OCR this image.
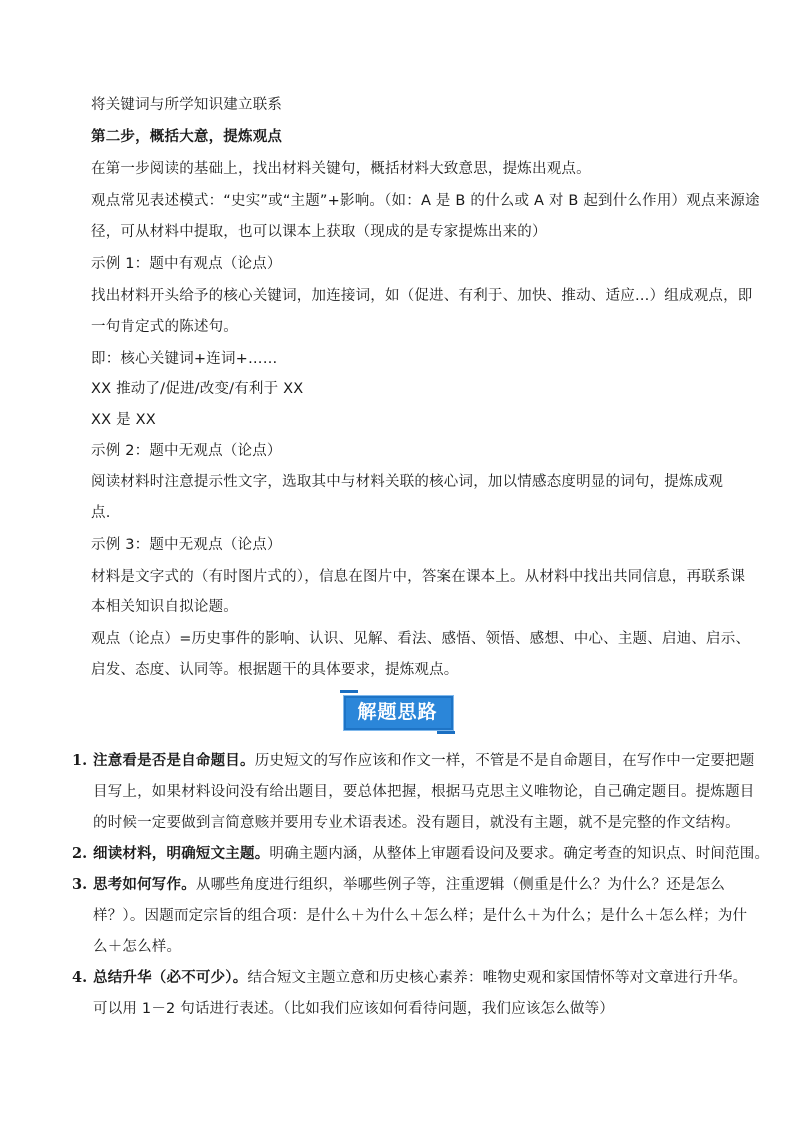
将关键词与所学知识建立联系
第二步，概括大意，提炼观点
在第一步阅读的基础上，找出材料关键句，概括材料大致意思，提炼出观点。
观点常见表述模式：“史实”或“主题”+影响。（如：A 是 B 的什么或 A 对 B 起到什么作用）观点来源途
径，可从材料中提取，也可以课本上获取（现成的是专家提炼出来的）
示例 1：题中有观点（论点）
找出材料开头给予的核心关键词，加连接词，如（促进、有利于、加快、推动、适应…）组成观点，即
一句肯定式的陈述句。
即：核心关键词+连词+……
XX 推动了/促进/改变/有利于 XX
XX 是 XX
示例 2：题中无观点（论点）
阅读材料时注意提示性文字，选取其中与材料关联的核心词，加以情感态度明显的词句，提炼成观
点.
示例 3：题中无观点（论点）
材料是文字式的（有时图片式的），信息在图片中，答案在课本上。从材料中找出共同信息，再联系课
本相关知识自拟论题。
观点（论点）=历史事件的影响、认识、见解、看法、感悟、领悟、感想、中心、主题、启迪、启示、
启发、态度、认同等。根据题干的具体要求，提炼观点。
解题思路
1. 注意看是否是自命题目。历史短文的写作应该和作文一样，不管是不是自命题目，在写作中一定要把题
目写上，如果材料设问没有给出题目，要总体把握，根据马克思主义唯物论，自己确定题目。提炼题目
的时候一定要做到言简意赅并要用专业术语表述。没有题目，就没有主题，就不是完整的作文结构。
2. 细读材料，明确短文主题。明确主题内涵，从整体上审题看设问及要求。确定考查的知识点、时间范围。
3. 思考如何写作。从哪些角度进行组织，举哪些例子等，注重逻辑（侧重是什么？为什么？还是怎么
样？）。因题而定宗旨的组合项：是什么＋为什么＋怎么样；是什么＋为什么；是什么＋怎么样；为什
么＋怎么样。
4. 总结升华（必不可少）。结合短文主题立意和历史核心素养：唯物史观和家国情怀等对文章进行升华。
可以用 1－2 句话进行表述。（比如我们应该如何看待问题，我们应该怎么做等）
